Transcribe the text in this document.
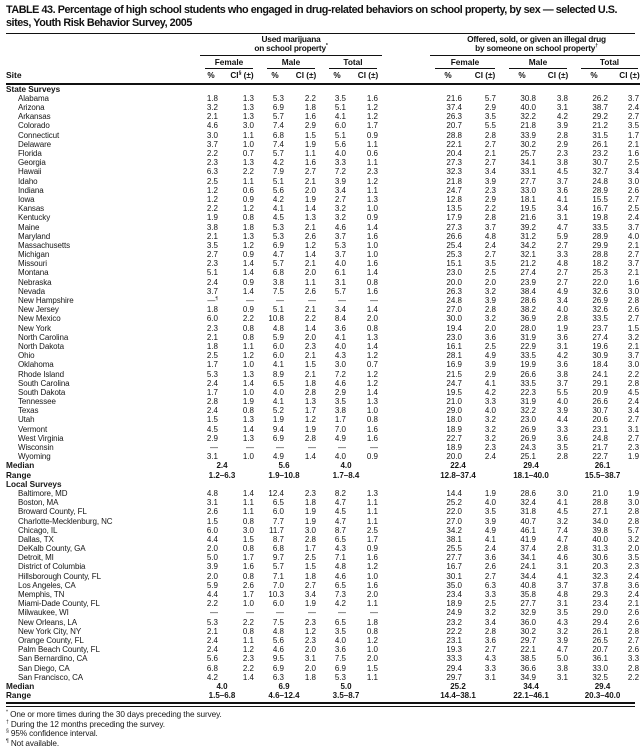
TABLE 43. Percentage of high school students who engaged in drug-related behaviors on school property, by sex — selected U.S. sites, Youth Risk Behavior Survey, 2005
Site	Used marijuana
on school property*							Offered, sold, or given an illegal drug
by someone on school property†

	Female		Male		Total			Female		Male		Total	

	%	CI§ (±)	%	CI (±)	%	CI (±)		%	CI (±)	%	CI (±)	%	CI (±)
State Surveys													
Alabama	1.8	1.3	5.3	2.2	3.5	1.6		21.6	5.7	30.8	3.8	26.2	3.7
Arizona	3.2	1.3	6.9	1.8	5.1	1.2		37.4	2.9	40.0	3.1	38.7	2.4
Arkansas	2.1	1.3	5.7	1.6	4.1	1.2		26.3	3.5	32.2	4.2	29.2	2.7
Colorado	4.6	3.0	7.4	2.9	6.0	1.7		20.7	5.5	21.8	3.9	21.2	3.5
Connecticut	3.0	1.1	6.8	1.5	5.1	0.9		28.8	2.8	33.9	2.8	31.5	1.7
Delaware	3.7	1.0	7.4	1.9	5.6	1.1		22.1	2.7	30.2	2.9	26.1	2.1
Florida	2.2	0.7	5.7	1.1	4.0	0.6		20.4	2.1	25.7	2.3	23.2	1.6
Georgia	2.3	1.3	4.2	1.6	3.3	1.1		27.3	2.7	34.1	3.8	30.7	2.5
Hawaii	6.3	2.2	7.9	2.7	7.2	2.3		32.3	3.4	33.1	4.5	32.7	3.4
Idaho	2.5	1.1	5.1	2.1	3.9	1.2		21.8	3.9	27.7	3.7	24.8	3.0
Indiana	1.2	0.6	5.6	2.0	3.4	1.1		24.7	2.3	33.0	3.6	28.9	2.6
Iowa	1.2	0.9	4.2	1.9	2.7	1.3		12.8	2.9	18.1	4.1	15.5	2.7
Kansas	2.2	1.2	4.1	1.4	3.2	1.0		13.5	2.2	19.5	3.4	16.7	2.5
Kentucky	1.9	0.8	4.5	1.3	3.2	0.9		17.9	2.8	21.6	3.1	19.8	2.4
Maine	3.8	1.8	5.3	2.1	4.6	1.4		27.3	3.7	39.2	4.7	33.5	3.7
Maryland	2.1	1.3	5.3	2.6	3.7	1.6		26.6	4.8	31.2	5.9	28.9	4.0
Massachusetts	3.5	1.2	6.9	1.2	5.3	1.0		25.4	2.4	34.2	2.7	29.9	2.1
Michigan	2.7	0.9	4.7	1.4	3.7	1.0		25.3	2.7	32.1	3.3	28.8	2.7
Missouri	2.3	1.4	5.7	2.1	4.0	1.6		15.1	3.5	21.2	4.8	18.2	3.7
Montana	5.1	1.4	6.8	2.0	6.1	1.4		23.0	2.5	27.4	2.7	25.3	2.1
Nebraska	2.4	0.9	3.8	1.1	3.1	0.8		20.0	2.0	23.9	2.7	22.0	1.6
Nevada	3.7	1.4	7.5	2.6	5.7	1.6		26.3	3.2	38.4	4.9	32.6	3.0
New Hampshire	—¶	—	—	—	—	—		24.8	3.9	28.6	3.4	26.9	2.8
New Jersey	1.8	0.9	5.1	2.1	3.4	1.4		27.0	2.8	38.2	4.0	32.6	2.6
New Mexico	6.0	2.2	10.8	2.2	8.4	2.0		30.0	3.2	36.9	2.8	33.5	2.7
New York	2.3	0.8	4.8	1.4	3.6	0.8		19.4	2.0	28.0	1.9	23.7	1.5
North Carolina	2.1	0.8	5.9	2.0	4.1	1.3		23.0	3.6	31.9	3.6	27.4	3.2
North Dakota	1.8	1.1	6.0	2.3	4.0	1.4		16.1	2.5	22.9	3.1	19.6	2.1
Ohio	2.5	1.2	6.0	2.1	4.3	1.2		28.1	4.9	33.5	4.2	30.9	3.7
Oklahoma	1.7	1.0	4.1	1.5	3.0	0.7		16.9	3.9	19.9	3.6	18.4	3.0
Rhode Island	5.3	1.3	8.9	2.1	7.2	1.2		21.5	2.9	26.6	3.8	24.1	2.2
South Carolina	2.4	1.4	6.5	1.8	4.6	1.2		24.7	4.1	33.5	3.7	29.1	2.8
South Dakota	1.7	1.0	4.0	2.8	2.9	1.4		19.5	4.2	22.3	5.5	20.9	4.5
Tennessee	2.8	1.9	4.1	1.3	3.5	1.3		21.0	3.3	31.9	4.0	26.6	2.4
Texas	2.4	0.8	5.2	1.7	3.8	1.0		29.0	4.0	32.2	3.9	30.7	3.4
Utah	1.5	1.3	1.9	1.2	1.7	0.8		18.0	3.2	23.0	4.4	20.6	2.7
Vermont	4.5	1.4	9.4	1.9	7.0	1.6		18.9	3.2	26.9	3.3	23.1	3.1
West Virginia	2.9	1.3	6.9	2.8	4.9	1.6		22.7	3.2	26.9	3.6	24.8	2.7
Wisconsin	—	—	—	—	—	—		18.9	2.3	24.3	3.5	21.7	2.3
Wyoming	3.1	1.0	4.9	1.4	4.0	0.9		20.0	2.4	25.1	2.8	22.7	1.9
Median	2.4		5.6		4.0			22.4		29.4		26.1	
Range	1.2–6.3		1.9–10.8		1.7–8.4			12.8–37.4		18.1–40.0		15.5–38.7	
Local Surveys													
Baltimore, MD	4.8	1.4	12.4	2.3	8.2	1.3		14.4	1.9	28.6	3.0	21.0	1.9
Boston, MA	3.1	1.1	6.5	1.8	4.7	1.1		25.2	4.0	32.4	4.1	28.8	3.0
Broward County, FL	2.6	1.1	6.0	1.9	4.5	1.1		22.0	3.5	31.8	4.5	27.1	2.8
Charlotte-Mecklenburg, NC	1.5	0.8	7.7	1.9	4.7	1.1		27.0	3.9	40.7	3.2	34.0	2.8
Chicago, IL	6.0	3.0	11.7	3.0	8.7	2.5		34.2	4.9	46.1	7.4	39.8	5.7
Dallas, TX	4.4	1.5	8.7	2.8	6.5	1.7		38.1	4.1	41.9	4.7	40.0	3.2
DeKalb County, GA	2.0	0.8	6.8	1.7	4.3	0.9		25.5	2.4	37.4	2.8	31.3	2.0
Detroit, MI	5.0	1.7	9.7	2.5	7.1	1.6		27.7	3.6	34.1	4.6	30.6	3.5
District of Columbia	3.9	1.6	5.7	1.5	4.8	1.2		16.7	2.6	24.1	3.1	20.3	2.3
Hillsborough County, FL	2.0	0.8	7.1	1.8	4.6	1.0		30.1	2.7	34.4	4.1	32.3	2.4
Los Angeles, CA	5.9	2.6	7.0	2.7	6.5	1.6		35.0	6.3	40.8	3.7	37.8	3.6
Memphis, TN	4.4	1.7	10.3	3.4	7.3	2.0		23.4	3.3	35.8	4.8	29.3	2.4
Miami-Dade County, FL	2.2	1.0	6.0	1.9	4.2	1.1		18.9	2.5	27.7	3.1	23.4	2.1
Milwaukee, WI	—	—	—	—	—	—		24.9	3.2	32.9	3.5	29.0	2.6
New Orleans, LA	5.3	2.2	7.5	2.3	6.5	1.8		23.2	3.4	36.0	4.3	29.4	2.6
New York City, NY	2.1	0.8	4.8	1.2	3.5	0.8		22.2	2.8	30.2	3.2	26.1	2.8
Orange County, FL	2.4	1.1	5.6	2.3	4.0	1.2		23.1	3.6	29.7	3.9	26.5	2.7
Palm Beach County, FL	2.4	1.2	4.6	2.0	3.6	1.0		19.3	2.7	22.1	4.7	20.7	2.6
San Bernardino, CA	5.6	2.3	9.5	3.1	7.5	2.0		33.3	4.3	38.5	5.0	36.1	3.3
San Diego, CA	6.8	2.2	6.9	2.0	6.9	1.5		29.4	3.3	36.6	3.8	33.0	2.8
San Francisco, CA	4.2	1.4	6.3	1.8	5.3	1.1		29.7	3.1	34.9	3.1	32.5	2.2
Median	4.0		6.9		5.0			25.2		34.4		29.4	
Range	1.5–6.8		4.6–12.4		3.5–8.7			14.4–38.1		22.1–46.1		20.3–40.0	
* One or more times during the 30 days preceding the survey.
† During the 12 months preceding the survey.
§ 95% confidence interval.
¶ Not available.
